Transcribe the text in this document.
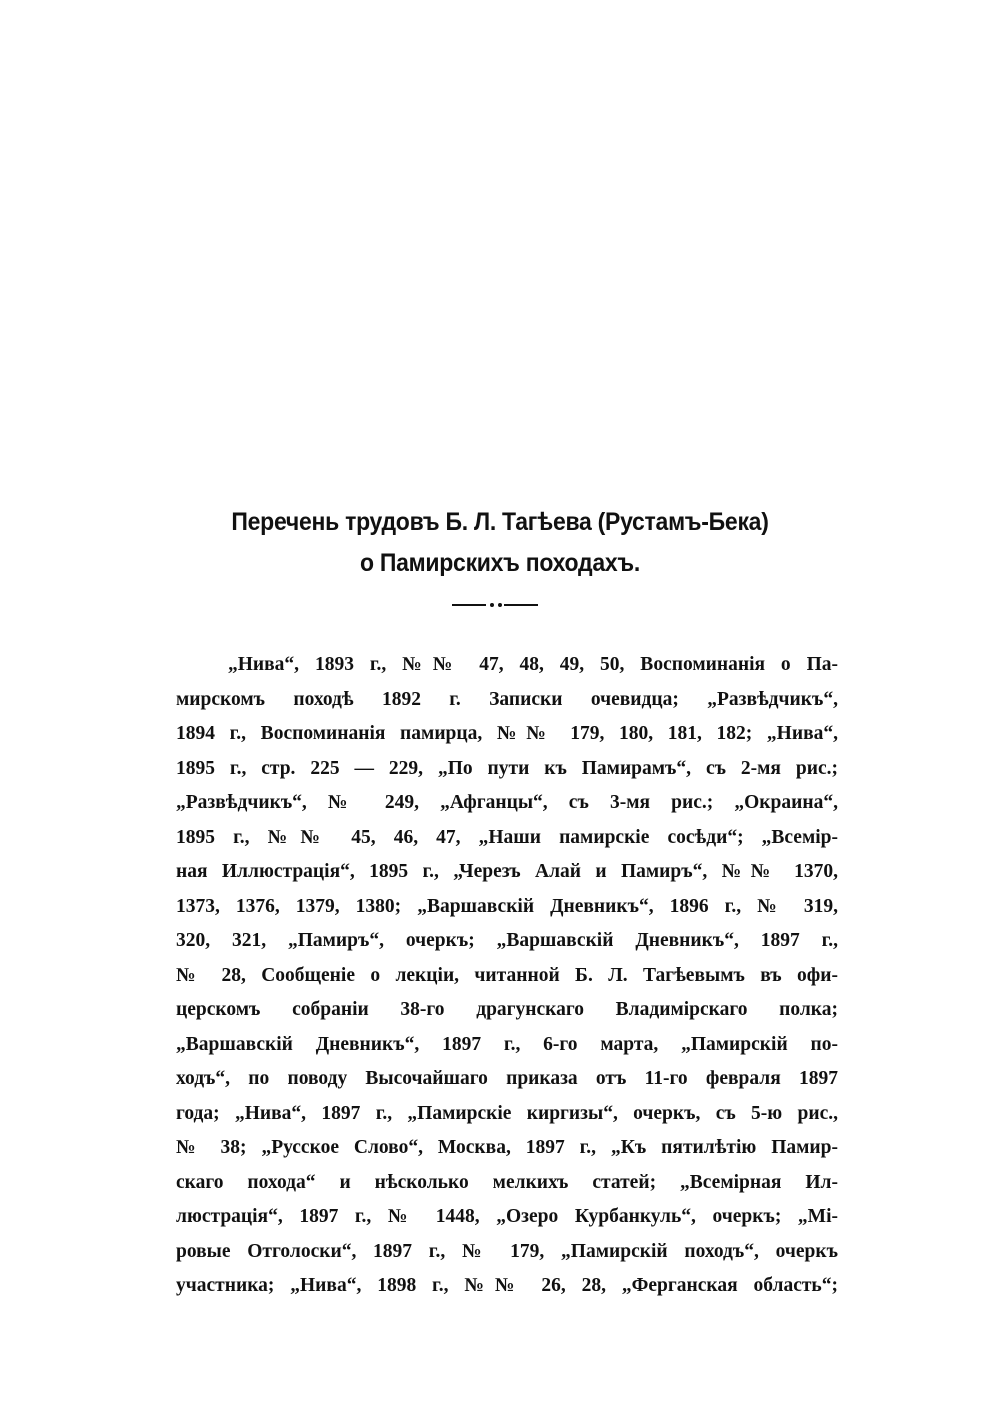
Перечень трудовъ Б. Л. Тагѣева (Рустамъ-Бека)
о Памирскихъ походахъ.
„Нива“, 1893 г., №№ 47, 48, 49, 50, Воспоминанія о Па-
мирскомъ походѣ 1892 г. Записки очевидца; „Развѣдчикъ“,
1894 г., Воспоминанія памирца, №№ 179, 180, 181, 182; „Нива“,
1895 г., стр. 225 — 229, „По пути къ Памирамъ“, съ 2-мя рис.;
„Развѣдчикъ“, № 249, „Афганцы“, съ 3-мя рис.; „Окраина“,
1895 г., №№ 45, 46, 47, „Наши памирскіе сосѣди“; „Всемір-
ная Иллюстрація“, 1895 г., „Черезъ Алай и Памиръ“, №№ 1370,
1373, 1376, 1379, 1380; „Варшавскій Дневникъ“, 1896 г., № 319,
320, 321, „Памиръ“, очеркъ; „Варшавскій Дневникъ“, 1897 г.,
№ 28, Сообщеніе о лекціи, читанной Б. Л. Тагѣевымъ въ офи-
церскомъ собраніи 38-го драгунскаго Владимірскаго полка;
„Варшавскій Дневникъ“, 1897 г., 6-го марта, „Памирскій по-
ходъ“, по поводу Высочайшаго приказа отъ 11-го февраля 1897
года; „Нива“, 1897 г., „Памирскіе киргизы“, очеркъ, съ 5-ю рис.,
№ 38; „Русское Слово“, Москва, 1897 г., „Къ пятилѣтію Памир-
скаго похода“ и нѣсколько мелкихъ статей; „Всемірная Ил-
люстрація“, 1897 г., № 1448, „Озеро Курбанкуль“, очеркъ; „Мі-
ровые Отголоски“, 1897 г., № 179, „Памирскій походъ“, очеркъ
участника; „Нива“, 1898 г., №№ 26, 28, „Ферганская область“;
